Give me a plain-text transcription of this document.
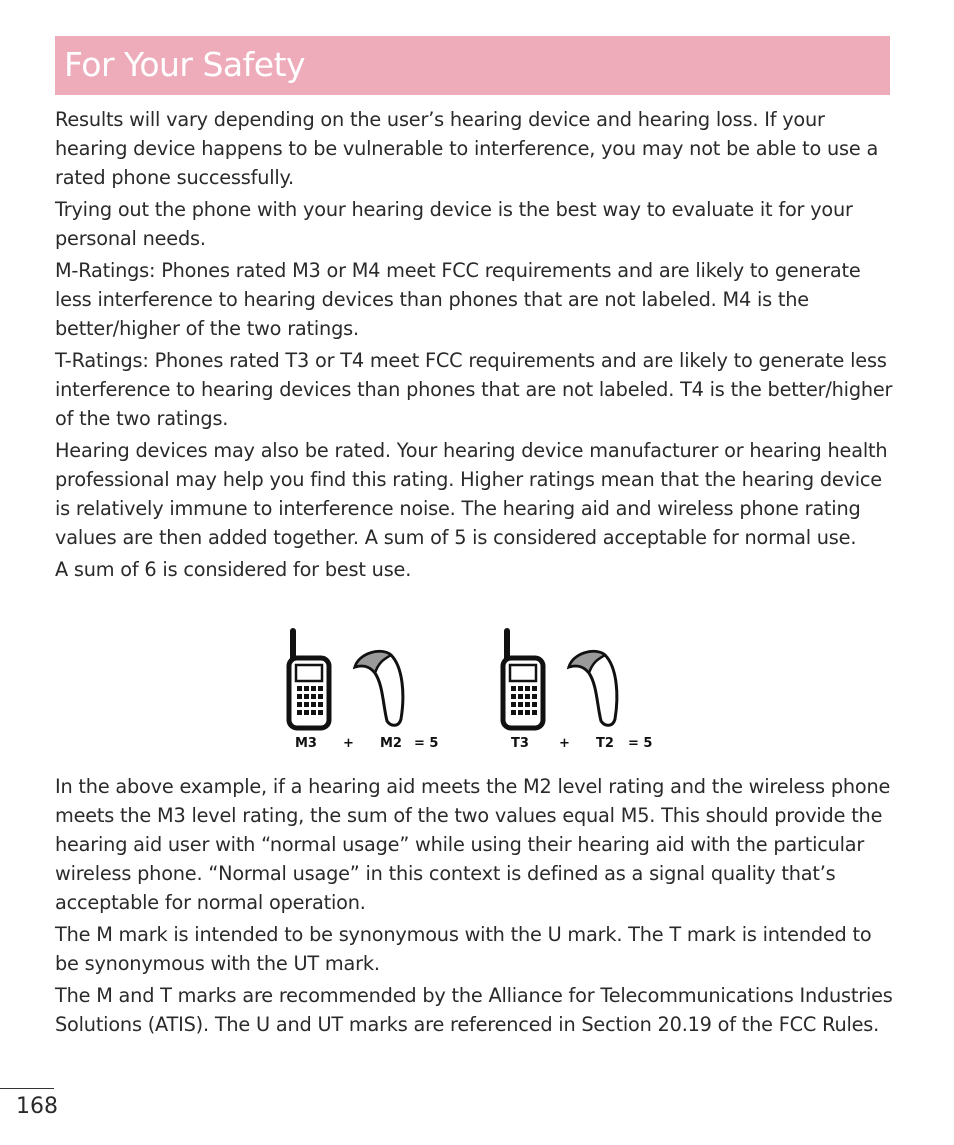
For Your Safety

Results will vary depending on the user’s hearing device and hearing loss. If your hearing device happens to be vulnerable to interference, you may not be able to use a rated phone successfully.

Trying out the phone with your hearing device is the best way to evaluate it for your personal needs.

M-Ratings: Phones rated M3 or M4 meet FCC requirements and are likely to generate less interference to hearing devices than phones that are not labeled. M4 is the better/higher of the two ratings.

T-Ratings: Phones rated T3 or T4 meet FCC requirements and are likely to generate less interference to hearing devices than phones that are not labeled. T4 is the better/higher of the two ratings.

Hearing devices may also be rated. Your hearing device manufacturer or hearing health professional may help you find this rating. Higher ratings mean that the hearing device is relatively immune to interference noise. The hearing aid and wireless phone rating values are then added together. A sum of 5 is considered acceptable for normal use.

A sum of 6 is considered for best use.

M3 + M2 = 5	T3 + T2 = 5

In the above example, if a hearing aid meets the M2 level rating and the wireless phone meets the M3 level rating, the sum of the two values equal M5. This should provide the hearing aid user with “normal usage” while using their hearing aid with the particular wireless phone. “Normal usage” in this context is defined as a signal quality that’s acceptable for normal operation.

The M mark is intended to be synonymous with the U mark. The T mark is intended to be synonymous with the UT mark.

The M and T marks are recommended by the Alliance for Telecommunications Industries Solutions (ATIS). The U and UT marks are referenced in Section 20.19 of the FCC Rules.

168
